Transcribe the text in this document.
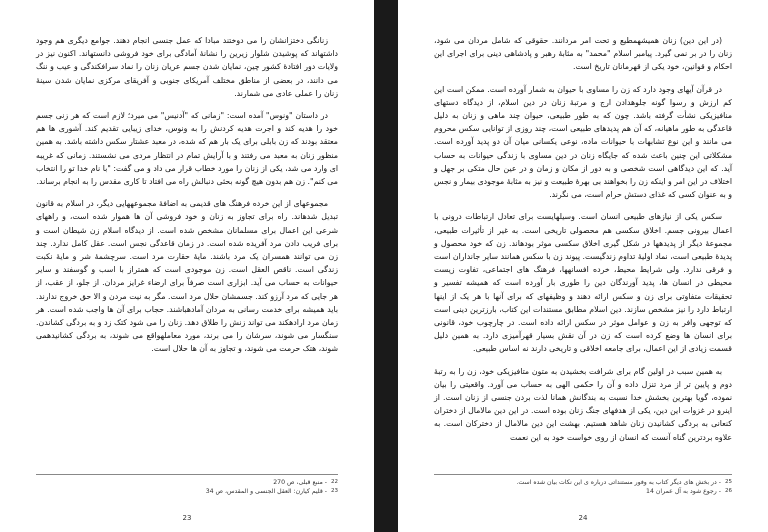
زنانگی دختزانشان را می دوختند مبادا که عمل جنسی انجام دهند. جوامع دیگری هم وجود داشتهاند که پوشیدن شلوار زیرین را نشانهٔ آمادگی برای خود فروشی دانستهاند. اکنون نیز در ولایات دور افتادهٔ کشور چین، نمایان شدن جسم عریان زنان را نماد سرافکندگی و عیب و ننگ می دانند، در بعضی از مناطق مختلف آمریکای جنوبی و آفریقای مرکزی نمایان شدن سینهٔ زنان را عملی عادی می شمارند.

در داستان "ونوس" آمده است: "زمانی که "آدنیس" می میرد؛ لازم است که هر زنی جسم خود را هدیه کند و اجرت هدیه کردنش را به ونوس، خدای زیبایی تقدیم کند. آشوری ها هم معتقد بودند که زن بابلی برای یک بار هم که شده، در معبد عشتار سکس داشته باشد. به همین منظور زنان به معبد می رفتند و با آرایش تمام در انتظار مردی می نشستند. زمانی که غریبه ای وارد می شد، یکی از زنان را مورد خطاب قرار می داد و می گفت: "با نام خدا تو را انتخاب می کنم". زن هم بدون هیچ گونه بحثی دنبالش راه می افتاد تا کاری مقدس را به انجام برساند.

مجموعهای از این خرده فرهنگ های قدیمی به اضافهٔ مجموعههایی دیگر، در اسلام به قانون تبدیل شدهاند. راه برای تجاوز به زنان و خود فروشی آن ها هموار شده است، و راههای شرعی این اعمال برای مسلمانان مشخص شده است. از دیدگاه اسلام زن شیطان است و برای فریب دادن مرد آفریده شده است. در زمان قاعدگی نجس است. عقل کامل ندارد. چند زن می توانند همسران یک مرد باشند. مایهٔ حقارت مرد است. سرچشمهٔ شر و مایهٔ نکبت زندگی است. ناقص العقل است. زن موجودی است که همتراز با اسب و گوسفند و سایر حیوانات به حساب می آید. ابزاری است صرفاً برای ارضاء غرایز مردان. از جلو، از عقب، از هر جایی که مرد آرزو کند. جسمشان حلال مرد است. مگر به نیت مردن و الا حق خروج ندارند. باید همیشه برای خدمت رسانی به مردان آمادهباشند. حجاب برای آن ها واجب شده است. هر زمان مرد ارادهکند می تواند زنش را طلاق دهد. زنان را می شود کتک زد و به بردگی کشاندن. سنگسار می شوند، سرشان را می برند، مورد معاملهواقع می شوند، به بردگی کشانیدهمی شوند، هتک حرمت می شوند، و تجاوز به آن ها حلال است.

22
- منبع قبلی، ص 270

23
- قلیم کیارن: العقل الجنسی و المقدس، ص 34

23

(در این دین) زنان همیشهمطیع و تحت امر مردانند. حقوقی که شامل مردان می شود، زنان را در بر نمی گیرد. پیامبر اسلام "محمد" به مثابهٔ رهبر و پادشاهی دینی برای اجرای این احکام و قوانین، خود یکی از قهرمانان تاریخ است.

در قرآن آیهای وجود دارد که زن را مساوی با حیوان به شمار آورده است. ممکن است این کم ارزش و رسوا گونه جلوهدادن ارج و مرتبهٔ زنان در دین اسلام، از دیدگاه دستهای منافیزیکی نشأت گرفته باشد. چون که به طور طبیعی، حیوان چند ماهی و زنان به دلیل قاعدگی به طور ماهیانه، که آن هم پدیدهای طبیعی است، چند روزی از توانایی سکس محروم می مانند و این نوع تشابهات با حیوانات ماده، نوعی یکسانی میان آن دو پدید آورده است. مشکلاتی این چنین باعث شده که جایگاه زنان در دین مساوی با زندگی حیوانات به حساب آید. که این دیدگاهی است شخصی و به دور از مکان و زمان و در عین حال متکی بر جهل و اختلاف در این امر و اینکه زن را بخواهند بی بهرهٔ طبیعت و نیز به مثابهٔ موجودی بیمار و نجس و به عنوان کسی که غذای دستش حرام است، می نگرند.

سکس یکی از نیازهای طبیعی انسان است. وسیلهایست برای تعادل ارتباطات درونی با اعمال بیرونی جسم. اخلاق سکسی هم محصولی تاریخی است. به غیر از تأثیرات طبیعی، مجموعهٔ دیگر از پدیدهها در شکل گیری اخلاق سکسی موثر بودهاند. زن که خود محصول و پدیدهٔ طبیعی است، نماد اولیهٔ تداوم زندگیست. پیوند زن با سکس همانند سایر جانداران است و فرقی ندارد. ولی شرایط محیط، خرده افسانهها، فرهنگ های اجتماعی، تفاوت زیست محیطی در انسان ها، پدید آورندگان دین را طوری بار آورده است که همیشه تفسیر و تحقیقات متفاوتی برای زن و سکس ارائه دهند و وظیفهای که برای آنها با هر یک از اینها ارتباط دارد را نیز مشخص سازند. دین اسلام مطابق مستندات این کتاب، بارزترین دینی است که توجهی وافر به زن و عوامل موثر در سکس ارائه داده است. در چارچوب خود، قانونی برای انسان ها وضع کرده است که زن در آن نقش بسیار قهرآمیزی دارد. به همین دلیل قسمت زیادی از این اعمال، برای جامعه اخلاقی و تاریخی دارند نه اساس طبیعی.

به همین سبب در اولین گام برای شرافت بخشیدن به متون متافیزیکی خود، زن را به رتبهٔ دوم و پایین تر از مرد تنزل داده و آن را حکمی الهی به حساب می آورد. واقعیتی را بیان نموده، گویا بهترین بخشش خدا نسبت به بندگانش همانا لذت بردن جنسی از زنان است. از اینرو در غزوات این دین، یکی از هدفهای جنگ زنان بوده است. در این دین مالامال از دختران کنعانی به بردگی کشانیدن زنان شاهد هستیم. بهشت این دین مالامال از دخترکان است. به علاوه بردترین گناه آنست که انسان از روی خواست خود به این نعمت

25
- در بخش های دیگر کتاب به وفور مستنداتی درباره ی این نکات بیان شده است.

26
- رجوع شود به آل عمران 14

24
